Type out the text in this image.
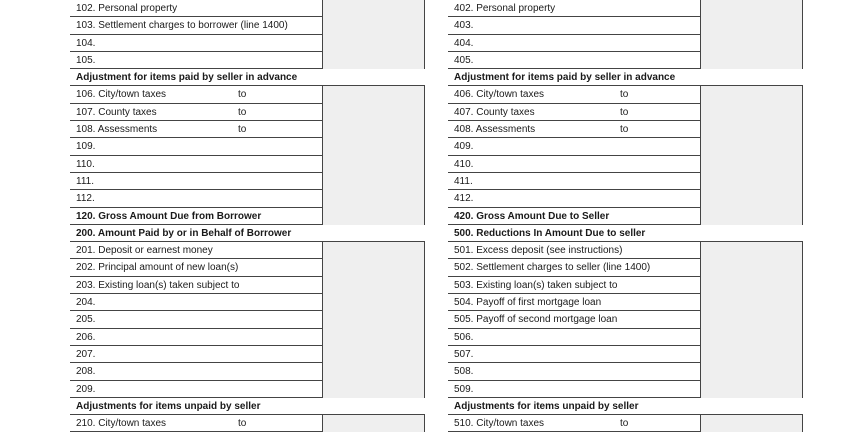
102. Personal property
103. Settlement charges to borrower (line 1400)
104.
105.
Adjustment for items paid by seller in advance
106. City/town taxes	to
107. County taxes	to
108. Assessments	to
109.
110.
111.
112.
120. Gross Amount Due from Borrower
200. Amount Paid by or in Behalf of Borrower
201. Deposit or earnest money
202. Principal amount of new loan(s)
203. Existing loan(s) taken subject to
204.
205.
206.
207.
208.
209.
Adjustments for items unpaid by seller
210. City/town taxes	to
402. Personal property
403.
404.
405.
Adjustment for items paid by seller in advance
406. City/town taxes	to
407. County taxes	to
408. Assessments	to
409.
410.
411.
412.
420. Gross Amount Due to Seller
500. Reductions In Amount Due to seller
501. Excess deposit (see instructions)
502. Settlement charges to seller (line 1400)
503. Existing loan(s) taken subject to
504. Payoff of first mortgage loan
505. Payoff of second mortgage loan
506.
507.
508.
509.
Adjustments for items unpaid by seller
510. City/town taxes	to
